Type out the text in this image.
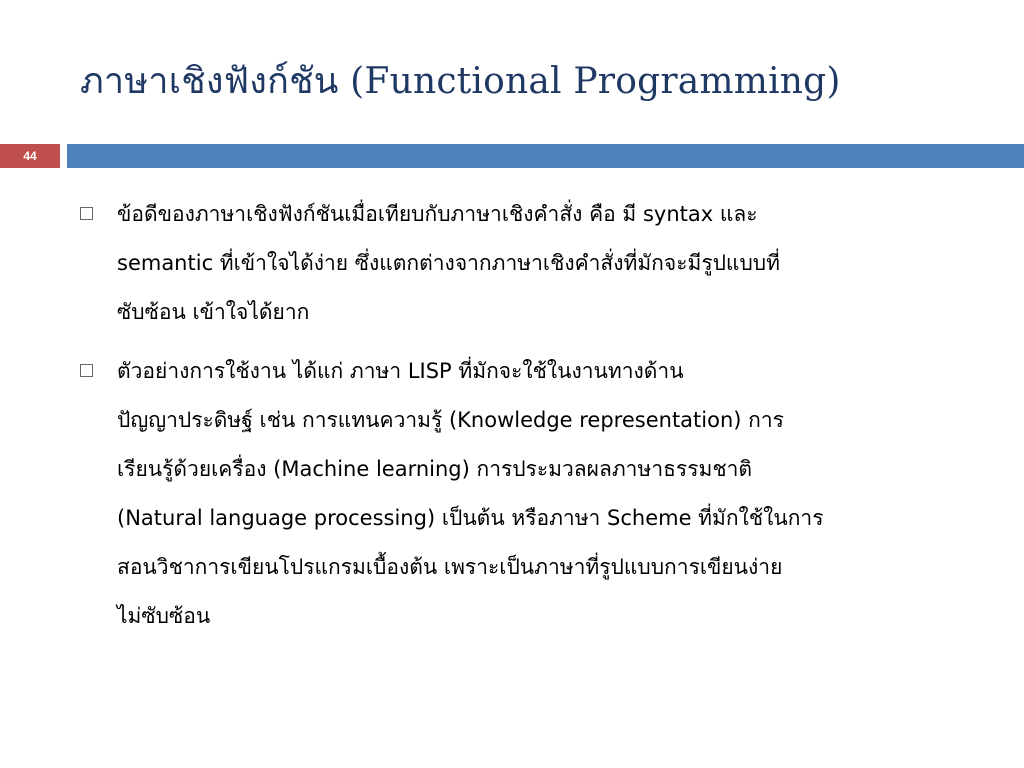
ภาษาเชิงฟังก์ชัน (Functional Programming)
44
ข้อดีของภาษาเชิงฟังก์ชันเมื่อเทียบกับภาษาเชิงคำสั่ง คือ มี syntax และ
semantic ที่เข้าใจได้ง่าย ซึ่งแตกต่างจากภาษาเชิงคำสั่งที่มักจะมีรูปแบบที่
ซับซ้อน เข้าใจได้ยาก
ตัวอย่างการใช้งาน ได้แก่ ภาษา LISP ที่มักจะใช้ในงานทางด้าน
ปัญญาประดิษฐ์ เช่น การแทนความรู้ (Knowledge representation) การ
เรียนรู้ด้วยเครื่อง (Machine learning) การประมวลผลภาษาธรรมชาติ
(Natural language processing) เป็นต้น หรือภาษา Scheme ที่มักใช้ในการ
สอนวิชาการเขียนโปรแกรมเบื้องต้น เพราะเป็นภาษาที่รูปแบบการเขียนง่าย
ไม่ซับซ้อน
